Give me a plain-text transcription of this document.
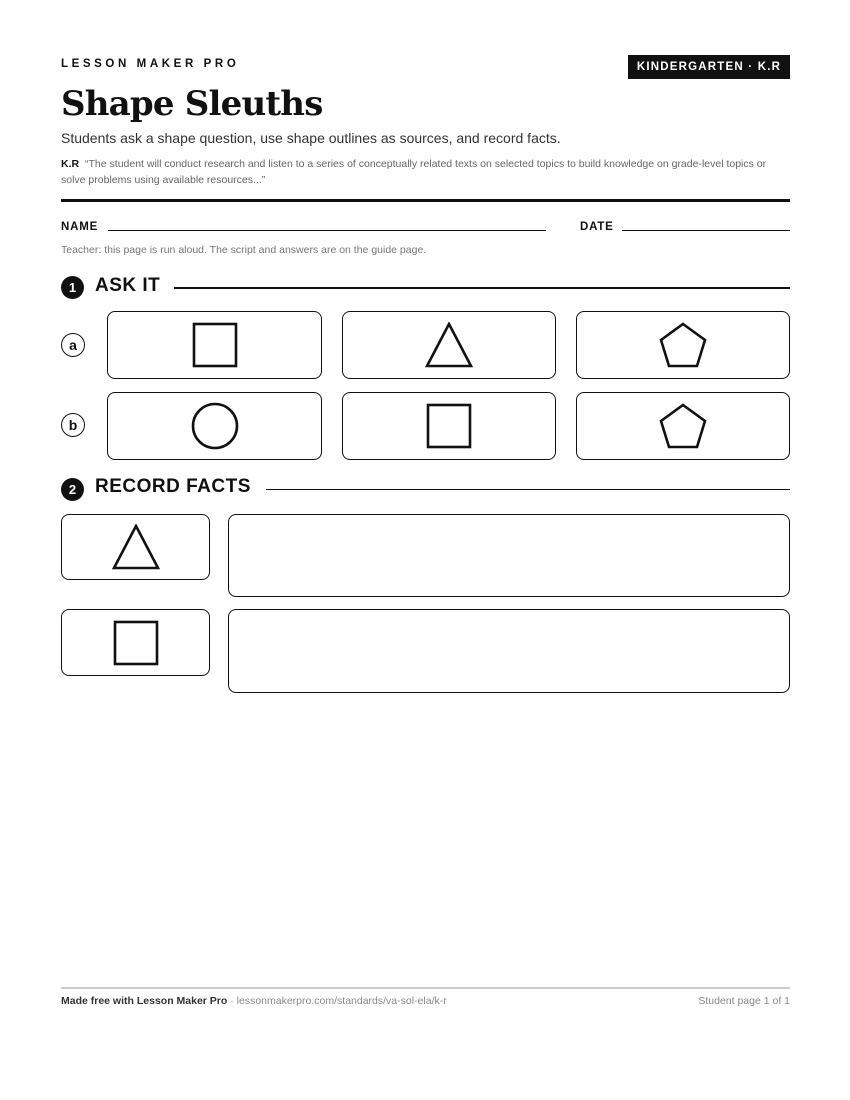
LESSON MAKER PRO	KINDERGARTEN · K.R
Shape Sleuths
Students ask a shape question, use shape outlines as sources, and record facts.
K.R “The student will conduct research and listen to a series of conceptually related texts on selected topics to build knowledge on grade-level topics or solve problems using available resources...”
NAME	DATE
Teacher: this page is run aloud. The script and answers are on the guide page.
1 ASK IT
a
b
2 RECORD FACTS
Made free with Lesson Maker Pro · lessonmakerpro.com/standards/va-sol-ela/k-r	Student page 1 of 1
